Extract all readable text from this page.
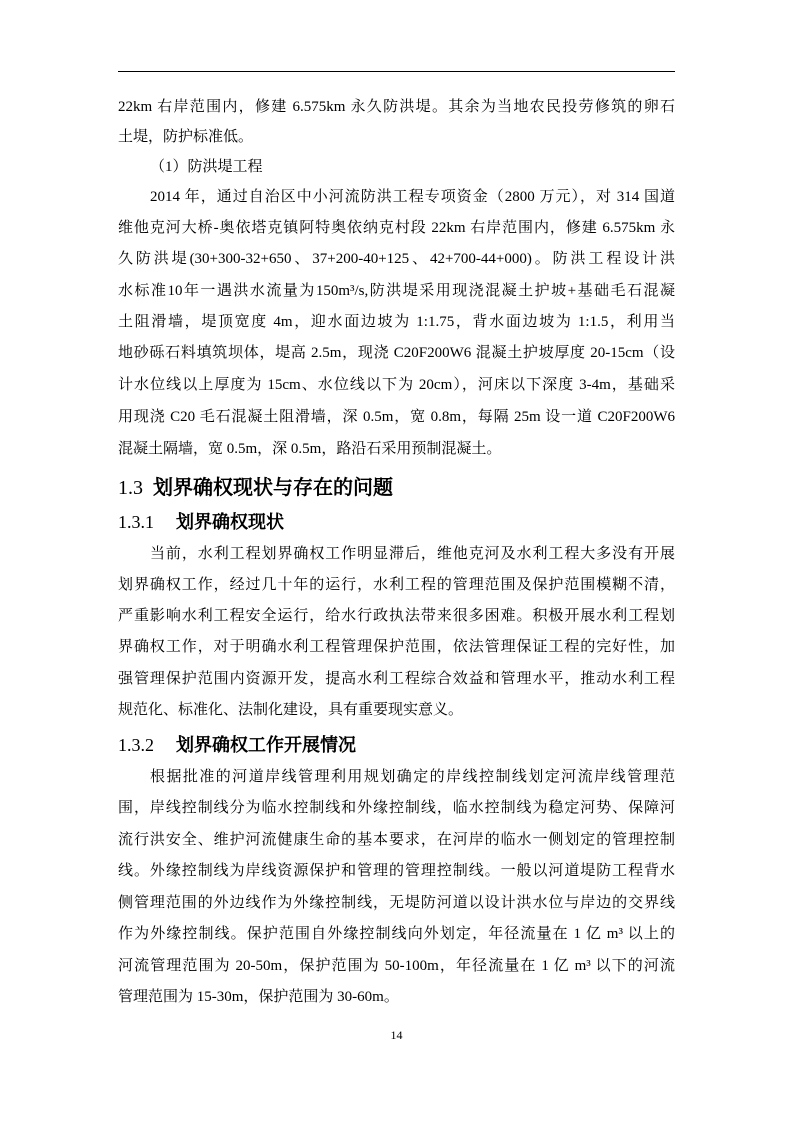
22km 右岸范围内，修建 6.575km 永久防洪堤。其余为当地农民投劳修筑的卵石
土堤，防护标准低。
（1）防洪堤工程
2014 年，通过自治区中小河流防洪工程专项资金（2800 万元），对 314 国道
维他克河大桥-奥依塔克镇阿特奥依纳克村段 22km 右岸范围内，修建 6.575km 永
久防洪堤(30+300-32+650、37+200-40+125、42+700-44+000)。防洪工程设计洪
水标准10年一遇洪水流量为150m³/s,防洪堤采用现浇混凝土护坡+基础毛石混凝
土阻滑墙，堤顶宽度 4m，迎水面边坡为 1:1.75，背水面边坡为 1:1.5，利用当
地砂砾石料填筑坝体，堤高 2.5m，现浇 C20F200W6 混凝土护坡厚度 20-15cm（设
计水位线以上厚度为 15cm、水位线以下为 20cm），河床以下深度 3-4m，基础采
用现浇 C20 毛石混凝土阻滑墙，深 0.5m，宽 0.8m，每隔 25m 设一道 C20F200W6
混凝土隔墙，宽 0.5m，深 0.5m，路沿石采用预制混凝土。
1.3 划界确权现状与存在的问题
1.3.1 划界确权现状
当前，水利工程划界确权工作明显滞后，维他克河及水利工程大多没有开展
划界确权工作，经过几十年的运行，水利工程的管理范围及保护范围模糊不清，
严重影响水利工程安全运行，给水行政执法带来很多困难。积极开展水利工程划
界确权工作，对于明确水利工程管理保护范围，依法管理保证工程的完好性，加
强管理保护范围内资源开发，提高水利工程综合效益和管理水平，推动水利工程
规范化、标准化、法制化建设，具有重要现实意义。
1.3.2 划界确权工作开展情况
根据批准的河道岸线管理利用规划确定的岸线控制线划定河流岸线管理范
围，岸线控制线分为临水控制线和外缘控制线，临水控制线为稳定河势、保障河
流行洪安全、维护河流健康生命的基本要求，在河岸的临水一侧划定的管理控制
线。外缘控制线为岸线资源保护和管理的管理控制线。一般以河道堤防工程背水
侧管理范围的外边线作为外缘控制线，无堤防河道以设计洪水位与岸边的交界线
作为外缘控制线。保护范围自外缘控制线向外划定，年径流量在 1 亿 m³ 以上的
河流管理范围为 20-50m，保护范围为 50-100m，年径流量在 1 亿 m³ 以下的河流
管理范围为 15-30m，保护范围为 30-60m。
14
